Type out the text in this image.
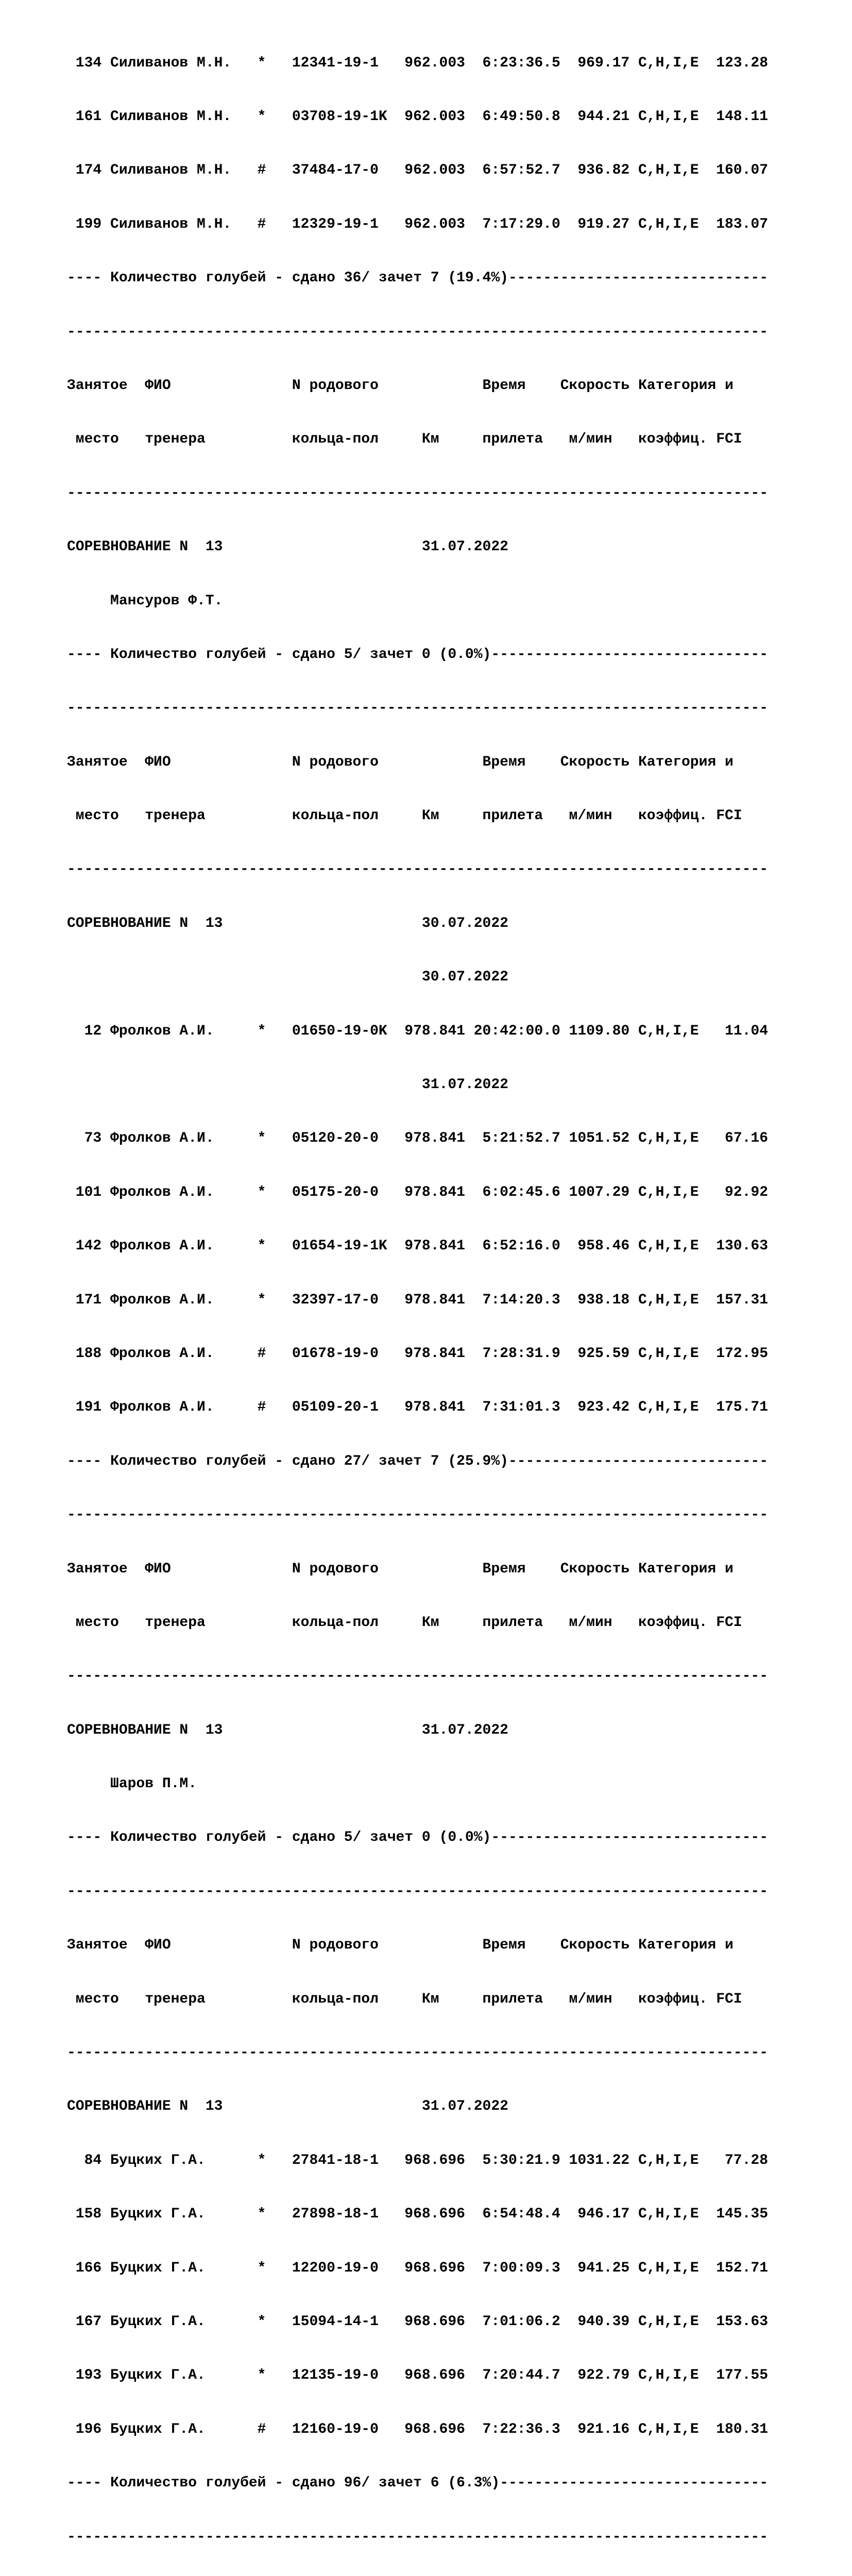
134 Силиванов М.Н.   *   12341-19-1   962.003  6:23:36.5  969.17 C,H,I,E  123.28

161 Силиванов М.Н.   *   03708-19-1K  962.003  6:49:50.8  944.21 C,H,I,E  148.11

174 Силиванов М.Н.   #   37484-17-0   962.003  6:57:52.7  936.82 C,H,I,E  160.07

199 Силиванов М.Н.   #   12329-19-1   962.003  7:17:29.0  919.27 C,H,I,E  183.07

---- Количество голубей - сдано 36/ зачет 7 (19.4%)------------------------------

---------------------------------------------------------------------------------

Занятое  ФИО              N родового            Время    Скорость Категория и

место   тренера          кольца-пол     Км     прилета   м/мин   коэффиц. FCI

---------------------------------------------------------------------------------

СОРЕВНОВАНИЕ N  13                       31.07.2022

Мансуров Ф.Т.

---- Количество голубей - сдано 5/ зачет 0 (0.0%)--------------------------------

---------------------------------------------------------------------------------

Занятое  ФИО              N родового            Время    Скорость Категория и

место   тренера          кольца-пол     Км     прилета   м/мин   коэффиц. FCI

---------------------------------------------------------------------------------

СОРЕВНОВАНИЕ N  13                       30.07.2022

30.07.2022

12 Фролков А.И.     *   01650-19-0K  978.841 20:42:00.0 1109.80 C,H,I,E   11.04

31.07.2022

73 Фролков А.И.     *   05120-20-0   978.841  5:21:52.7 1051.52 C,H,I,E   67.16

101 Фролков А.И.     *   05175-20-0   978.841  6:02:45.6 1007.29 C,H,I,E   92.92

142 Фролков А.И.     *   01654-19-1K  978.841  6:52:16.0  958.46 C,H,I,E  130.63

171 Фролков А.И.     *   32397-17-0   978.841  7:14:20.3  938.18 C,H,I,E  157.31

188 Фролков А.И.     #   01678-19-0   978.841  7:28:31.9  925.59 C,H,I,E  172.95

191 Фролков А.И.     #   05109-20-1   978.841  7:31:01.3  923.42 C,H,I,E  175.71

---- Количество голубей - сдано 27/ зачет 7 (25.9%)------------------------------

---------------------------------------------------------------------------------

Занятое  ФИО              N родового            Время    Скорость Категория и

место   тренера          кольца-пол     Км     прилета   м/мин   коэффиц. FCI

---------------------------------------------------------------------------------

СОРЕВНОВАНИЕ N  13                       31.07.2022

Шаров П.М.

---- Количество голубей - сдано 5/ зачет 0 (0.0%)--------------------------------

---------------------------------------------------------------------------------

Занятое  ФИО              N родового            Время    Скорость Категория и

место   тренера          кольца-пол     Км     прилета   м/мин   коэффиц. FCI

---------------------------------------------------------------------------------

СОРЕВНОВАНИЕ N  13                       31.07.2022

84 Буцких Г.А.      *   27841-18-1   968.696  5:30:21.9 1031.22 C,H,I,E   77.28

158 Буцких Г.А.      *   27898-18-1   968.696  6:54:48.4  946.17 C,H,I,E  145.35

166 Буцких Г.А.      *   12200-19-0   968.696  7:00:09.3  941.25 C,H,I,E  152.71

167 Буцких Г.А.      *   15094-14-1   968.696  7:01:06.2  940.39 C,H,I,E  153.63

193 Буцких Г.А.      *   12135-19-0   968.696  7:20:44.7  922.79 C,H,I,E  177.55

196 Буцких Г.А.      #   12160-19-0   968.696  7:22:36.3  921.16 C,H,I,E  180.31

---- Количество голубей - сдано 96/ зачет 6 (6.3%)-------------------------------

---------------------------------------------------------------------------------
